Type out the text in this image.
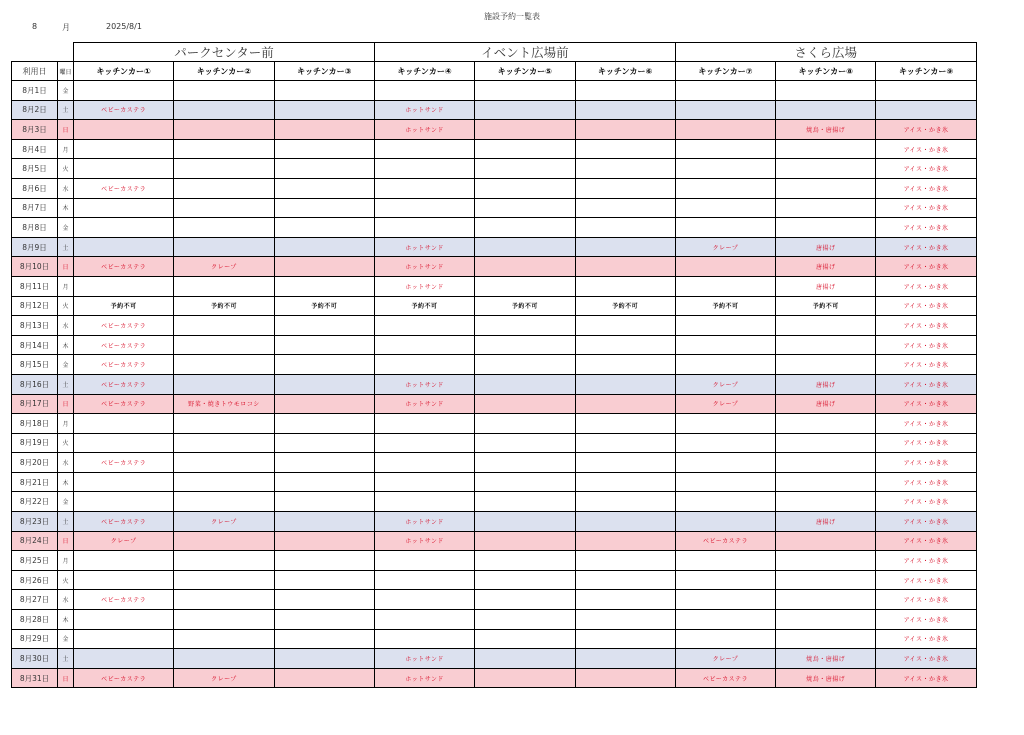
8	月	2025/8/1
施設予約一覧表
		パークセンター前			イベント広場前			さくら広場		
利用日	曜日	キッチンカー①	キッチンカー②	キッチンカー③	キッチンカー④	キッチンカー⑤	キッチンカー⑥	キッチンカー⑦	キッチンカー⑧	キッチンカー⑨
8月1日	金									
8月2日	土	ベビーカステラ			ホットサンド					
8月3日	日				ホットサンド				焼鳥・唐揚げ	アイス・かき氷
8月4日	月									アイス・かき氷
8月5日	火									アイス・かき氷
8月6日	水	ベビーカステラ								アイス・かき氷
8月7日	木									アイス・かき氷
8月8日	金									アイス・かき氷
8月9日	土				ホットサンド			クレープ	唐揚げ	アイス・かき氷
8月10日	日	ベビーカステラ	クレープ		ホットサンド				唐揚げ	アイス・かき氷
8月11日	月				ホットサンド				唐揚げ	アイス・かき氷
8月12日	火	予約不可	予約不可	予約不可	予約不可	予約不可	予約不可	予約不可	予約不可	アイス・かき氷
8月13日	水	ベビーカステラ								アイス・かき氷
8月14日	木	ベビーカステラ								アイス・かき氷
8月15日	金	ベビーカステラ								アイス・かき氷
8月16日	土	ベビーカステラ			ホットサンド			クレープ	唐揚げ	アイス・かき氷
8月17日	日	ベビーカステラ	野菜・焼きトウモロコシ		ホットサンド			クレープ	唐揚げ	アイス・かき氷
8月18日	月									アイス・かき氷
8月19日	火									アイス・かき氷
8月20日	水	ベビーカステラ								アイス・かき氷
8月21日	木									アイス・かき氷
8月22日	金									アイス・かき氷
8月23日	土	ベビーカステラ	クレープ		ホットサンド				唐揚げ	アイス・かき氷
8月24日	日	クレープ			ホットサンド			ベビーカステラ		アイス・かき氷
8月25日	月									アイス・かき氷
8月26日	火									アイス・かき氷
8月27日	水	ベビーカステラ								アイス・かき氷
8月28日	木									アイス・かき氷
8月29日	金									アイス・かき氷
8月30日	土				ホットサンド			クレープ	焼鳥・唐揚げ	アイス・かき氷
8月31日	日	ベビーカステラ	クレープ		ホットサンド			ベビーカステラ	焼鳥・唐揚げ	アイス・かき氷
